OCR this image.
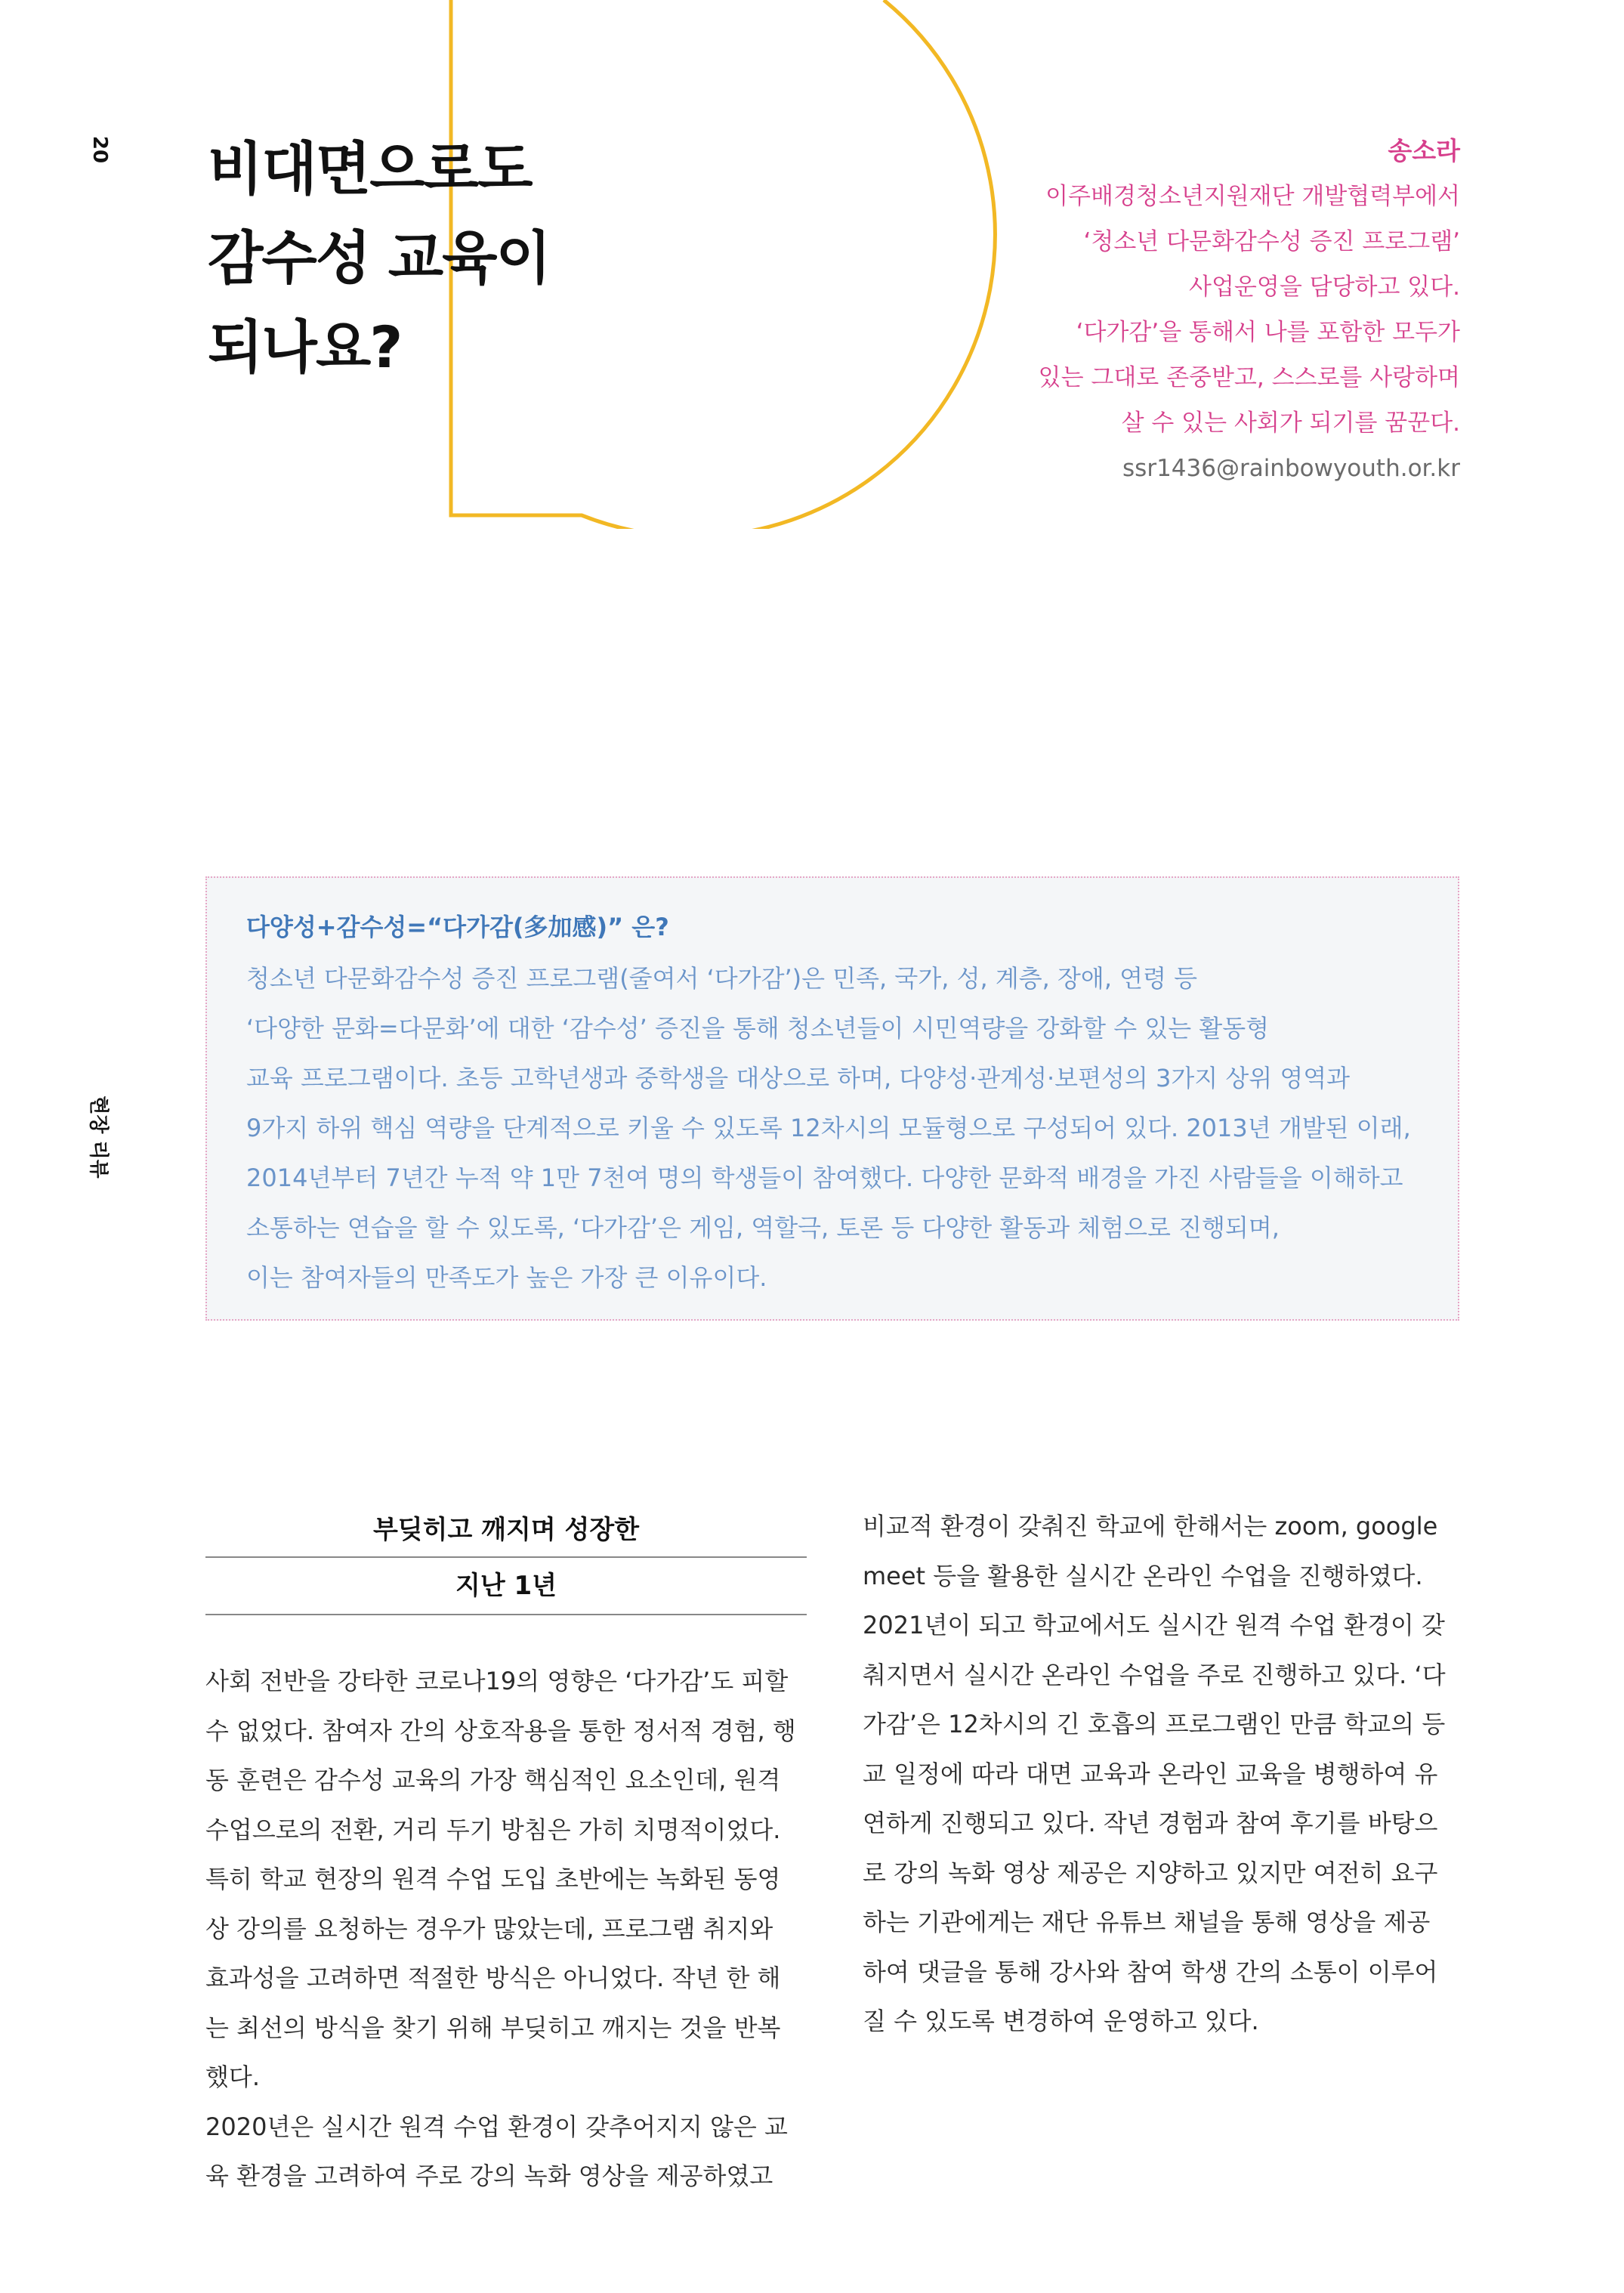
20
현장 리뷰
비대면으로도
감수성 교육이
되나요?
송소라
이주배경청소년지원재단 개발협력부에서
‘청소년 다문화감수성 증진 프로그램’
사업운영을 담당하고 있다.
‘다가감’을 통해서 나를 포함한 모두가
있는 그대로 존중받고, 스스로를 사랑하며
살 수 있는 사회가 되기를 꿈꾼다.
ssr1436@rainbowyouth.or.kr
다양성+감수성=“다가감(多加感)” 은?
청소년 다문화감수성 증진 프로그램(줄여서 ‘다가감’)은 민족, 국가, 성, 계층, 장애, 연령 등
‘다양한 문화=다문화’에 대한 ‘감수성’ 증진을 통해 청소년들이 시민역량을 강화할 수 있는 활동형
교육 프로그램이다. 초등 고학년생과 중학생을 대상으로 하며, 다양성·관계성·보편성의 3가지 상위 영역과
9가지 하위 핵심 역량을 단계적으로 키울 수 있도록 12차시의 모듈형으로 구성되어 있다. 2013년 개발된 이래,
2014년부터 7년간 누적 약 1만 7천여 명의 학생들이 참여했다. 다양한 문화적 배경을 가진 사람들을 이해하고
소통하는 연습을 할 수 있도록, ‘다가감’은 게임, 역할극, 토론 등 다양한 활동과 체험으로 진행되며,
이는 참여자들의 만족도가 높은 가장 큰 이유이다.
부딪히고 깨지며 성장한
지난 1년
사회 전반을 강타한 코로나19의 영향은 ‘다가감’도 피할
수 없었다. 참여자 간의 상호작용을 통한 정서적 경험, 행
동 훈련은 감수성 교육의 가장 핵심적인 요소인데, 원격
수업으로의 전환, 거리 두기 방침은 가히 치명적이었다.
특히 학교 현장의 원격 수업 도입 초반에는 녹화된 동영
상 강의를 요청하는 경우가 많았는데, 프로그램 취지와
효과성을 고려하면 적절한 방식은 아니었다. 작년 한 해
는 최선의 방식을 찾기 위해 부딪히고 깨지는 것을 반복
했다.
2020년은 실시간 원격 수업 환경이 갖추어지지 않은 교
육 환경을 고려하여 주로 강의 녹화 영상을 제공하였고
비교적 환경이 갖춰진 학교에 한해서는 zoom, google
meet 등을 활용한 실시간 온라인 수업을 진행하였다.
2021년이 되고 학교에서도 실시간 원격 수업 환경이 갖
춰지면서 실시간 온라인 수업을 주로 진행하고 있다. ‘다
가감’은 12차시의 긴 호흡의 프로그램인 만큼 학교의 등
교 일정에 따라 대면 교육과 온라인 교육을 병행하여 유
연하게 진행되고 있다. 작년 경험과 참여 후기를 바탕으
로 강의 녹화 영상 제공은 지양하고 있지만 여전히 요구
하는 기관에게는 재단 유튜브 채널을 통해 영상을 제공
하여 댓글을 통해 강사와 참여 학생 간의 소통이 이루어
질 수 있도록 변경하여 운영하고 있다.
